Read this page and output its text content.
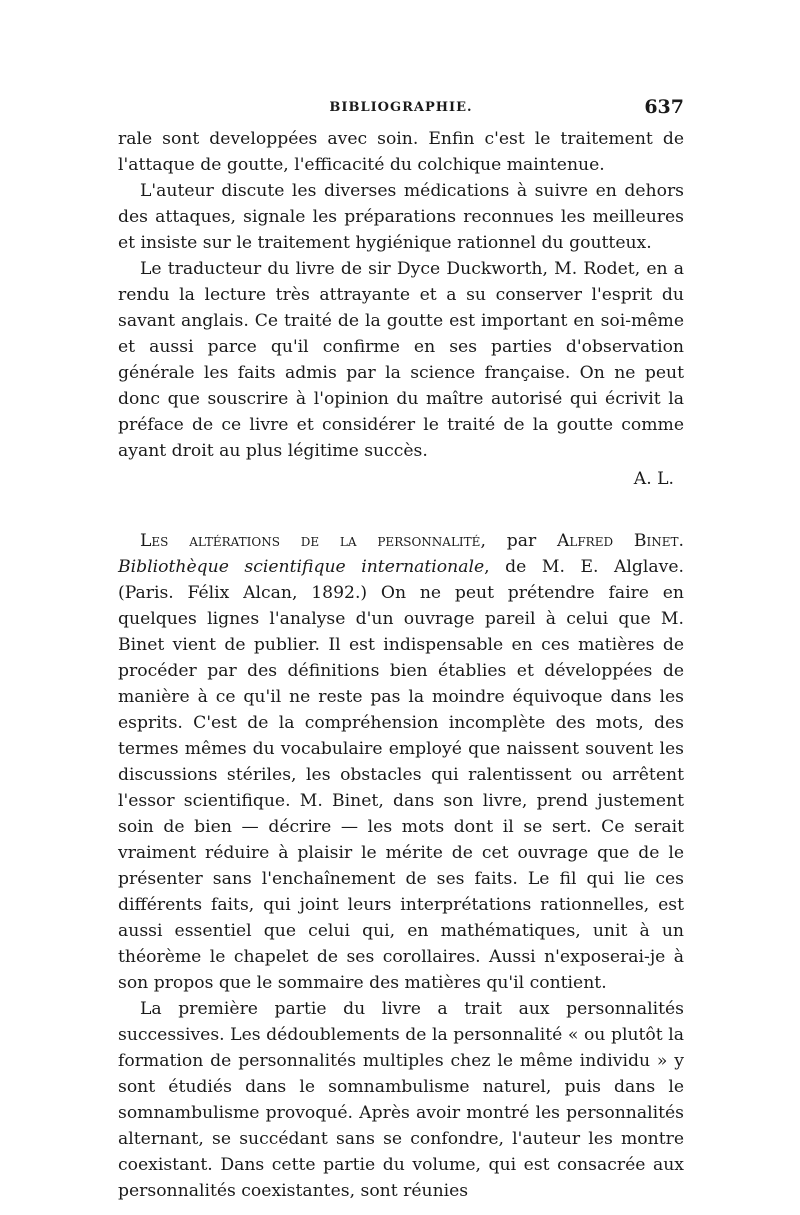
BIBLIOGRAPHIE.	637

rale sont developpées avec soin. Enfin c'est le traitement de l'attaque de goutte, l'efficacité du colchique maintenue.

L'auteur discute les diverses médications à suivre en dehors des attaques, signale les préparations reconnues les meilleures et insiste sur le traitement hygiénique rationnel du goutteux.

Le traducteur du livre de sir Dyce Duckworth, M. Rodet, en a rendu la lecture très attrayante et a su conserver l'esprit du savant anglais. Ce traité de la goutte est important en soi-même et aussi parce qu'il confirme en ses parties d'observation générale les faits admis par la science française. On ne peut donc que souscrire à l'opinion du maître autorisé qui écrivit la préface de ce livre et considérer le traité de la goutte comme ayant droit au plus légitime succès.

A. L.

Les altérations de la personnalité, par Alfred Binet. Bibliothèque scientifique internationale, de M. E. Alglave. (Paris. Félix Alcan, 1892.) On ne peut prétendre faire en quelques lignes l'analyse d'un ouvrage pareil à celui que M. Binet vient de publier. Il est indispensable en ces matières de procéder par des définitions bien établies et développées de manière à ce qu'il ne reste pas la moindre équivoque dans les esprits. C'est de la compréhension incomplète des mots, des termes mêmes du vocabulaire employé que naissent souvent les discussions stériles, les obstacles qui ralentissent ou arrêtent l'essor scientifique. M. Binet, dans son livre, prend justement soin de bien — décrire — les mots dont il se sert. Ce serait vraiment réduire à plaisir le mérite de cet ouvrage que de le présenter sans l'enchaînement de ses faits. Le fil qui lie ces différents faits, qui joint leurs interprétations rationnelles, est aussi essentiel que celui qui, en mathématiques, unit à un théorème le chapelet de ses corollaires. Aussi n'exposerai-je à son propos que le sommaire des matières qu'il contient.

La première partie du livre a trait aux personnalités successives. Les dédoublements de la personnalité « ou plutôt la formation de personnalités multiples chez le même individu » y sont étudiés dans le somnambulisme naturel, puis dans le somnambulisme provoqué. Après avoir montré les personnalités alternant, se succédant sans se confondre, l'auteur les montre coexistant. Dans cette partie du volume, qui est consacrée aux personnalités coexistantes, sont réunies
